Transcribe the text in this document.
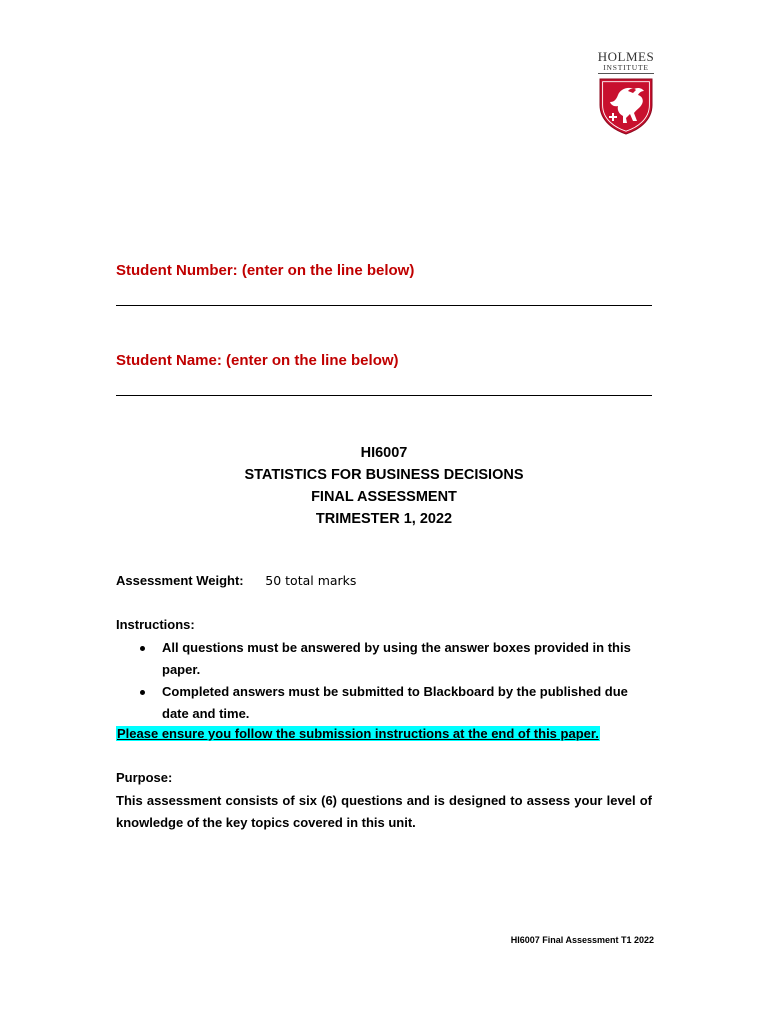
HOLMES
INSTITUTE
Student Number: (enter on the line below)
Student Name: (enter on the line below)
HI6007
STATISTICS FOR BUSINESS DECISIONS
FINAL ASSESSMENT
TRIMESTER 1, 2022
Assessment Weight: 50 total marks
Instructions:
All questions must be answered by using the answer boxes provided in this paper.
Completed answers must be submitted to Blackboard by the published due date and time.
Please ensure you follow the submission instructions at the end of this paper.
Purpose:
This assessment consists of six (6) questions and is designed to assess your level of knowledge of the key topics covered in this unit.
HI6007 Final Assessment T1 2022
